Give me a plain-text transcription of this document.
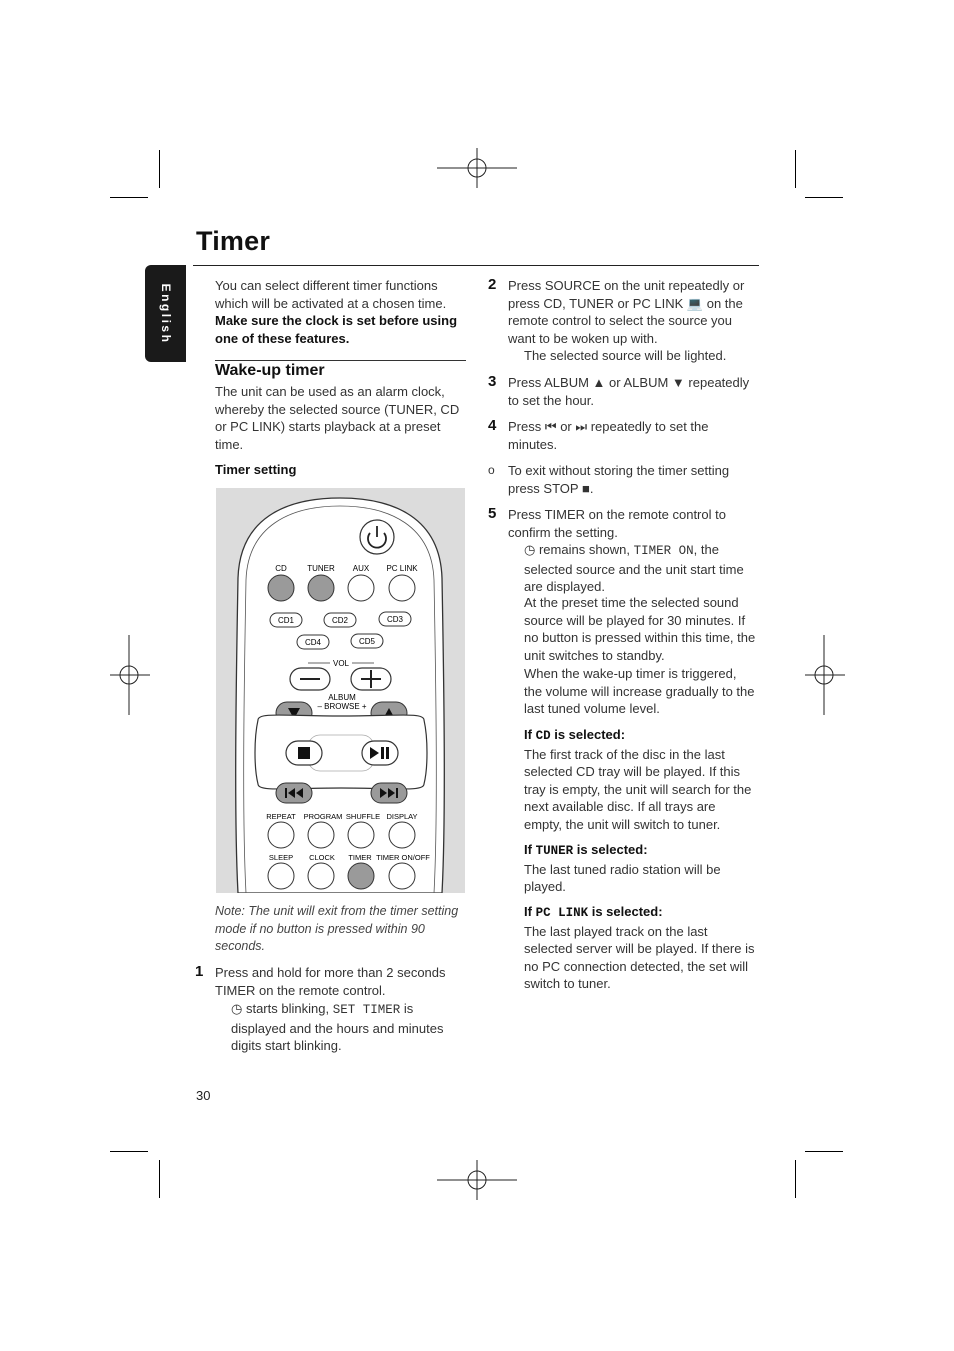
Timer
English	You can select different timer functions which will be activated at a chosen time. Make sure the clock is set before using one of these features.
Wake-up timer
The unit can be used as an alarm clock, whereby the selected source (TUNER, CD or PC LINK) starts playback at a preset time.
Timer setting
CD	TUNER AUX PC LINK
CD1	CD2	CD3
CD4	CD5
VOL
ALBUM
– BROWSE +
REPEAT PROGRAM SHUFFLE DISPLAY
SLEEP CLOCK TIMER TIMER ON/OFF
Note: The unit will exit from the timer setting mode if no button is pressed within 90 seconds.
1 Press and hold for more than 2 seconds TIMER on the remote control.
◷ starts blinking, SET TIMER is displayed and the hours and minutes digits start blinking.
30
2 Press SOURCE on the unit repeatedly or press CD, TUNER or PC LINK 💻 on the remote control to select the source you want to be woken up with.
The selected source will be lighted.
3 Press ALBUM ▲ or ALBUM ▼ repeatedly to set the hour.
4 Press ⏮ or ⏭ repeatedly to set the minutes.
o To exit without storing the timer setting press STOP ■.
5 Press TIMER on the remote control to confirm the setting.
◷ remains shown, TIMER ON, the selected source and the unit start time are displayed.
At the preset time the selected sound source will be played for 30 minutes. If no button is pressed within this time, the unit switches to standby.
When the wake-up timer is triggered, the volume will increase gradually to the last tuned volume level.
If CD is selected:
The first track of the disc in the last selected CD tray will be played. If this tray is empty, the unit will search for the next available disc. If all trays are empty, the unit will switch to tuner.
If TUNER is selected:
The last tuned radio station will be played.
If PC LINK is selected:
The last played track on the last selected server will be played. If there is no PC connection detected, the set will switch to tuner.
